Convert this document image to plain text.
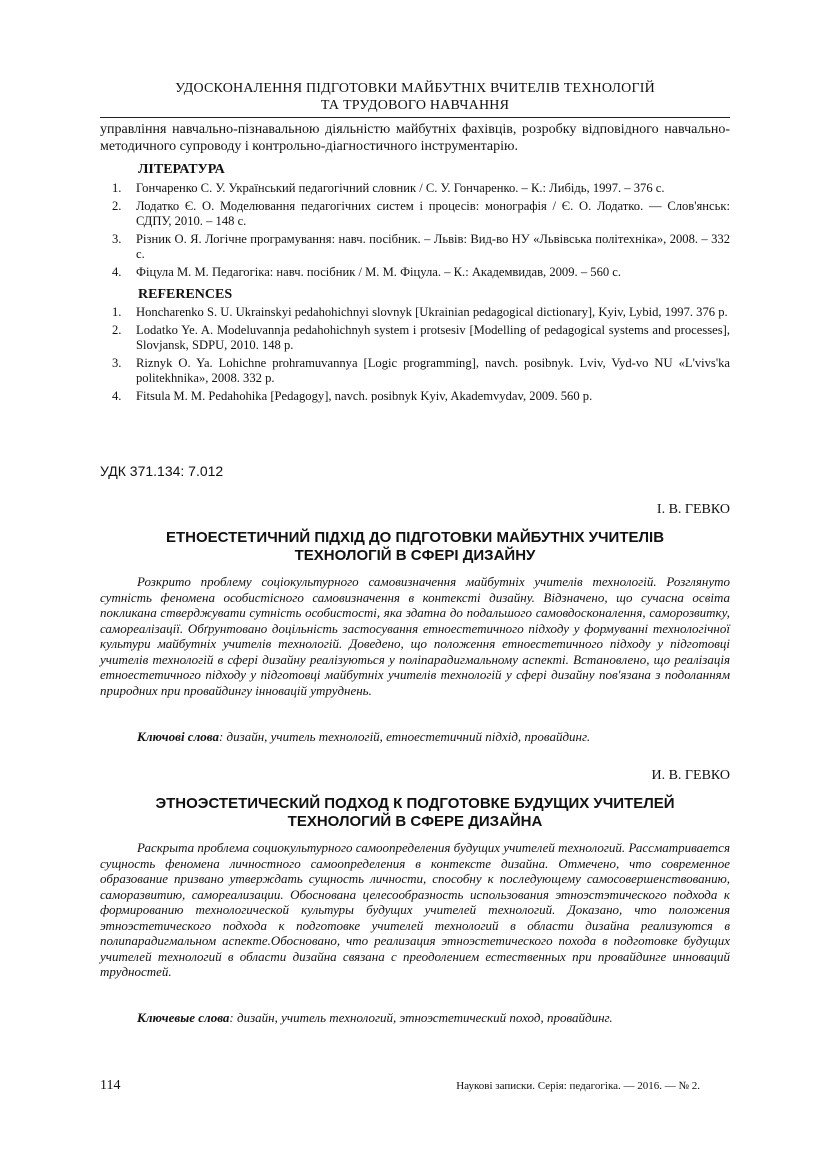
УДОСКОНАЛЕННЯ ПІДГОТОВКИ МАЙБУТНІХ ВЧИТЕЛІВ ТЕХНОЛОГІЙ
ТА ТРУДОВОГО НАВЧАННЯ
управління навчально-пізнавальною діяльністю майбутніх фахівців, розробку відповідного навчально-методичного супроводу і контрольно-діагностичного інструментарію.
ЛІТЕРАТУРА
1.	Гончаренко С. У. Український педагогічний словник / С. У. Гончаренко. – К.: Либідь, 1997. – 376 с.
2.	Лодатко Є. О. Моделювання педагогічних систем і процесів: монографія / Є. О. Лодатко. — Слов'янськ: СДПУ, 2010. – 148 с.
3.	Різник О. Я. Логічне програмування: навч. посібник. – Львів: Вид-во НУ «Львівська політехніка», 2008. – 332 с.
4.	Фіцула М. М. Педагогіка: навч. посібник / М. М. Фіцула. – К.: Академвидав, 2009. – 560 с.
REFERENCES
1.	Honcharenko S. U. Ukrainskyi pedahohichnyi slovnyk [Ukrainian pedagogical dictionary], Kyiv, Lybid, 1997. 376 p.
2.	Lodatko Ye. A. Modeluvannja pedahohichnyh system i protsesiv [Modelling of pedagogical systems and processes], Slovjansk, SDPU, 2010. 148 p.
3.	Riznyk O. Ya. Lohichne prohramuvannya [Logic programming], navch. posibnyk. Lviv, Vyd-vo NU «L'vivs'ka politekhnika», 2008. 332 p.
4.	Fitsula M. M. Pedahohika [Pedagogy], navch. posibnyk Kyiv, Akademvydav, 2009. 560 p.
УДК 371.134: 7.012
І. В. ГЕВКО
ЕТНОЕСТЕТИЧНИЙ ПІДХІД ДО ПІДГОТОВКИ МАЙБУТНІХ УЧИТЕЛІВ
ТЕХНОЛОГІЙ В СФЕРІ ДИЗАЙНУ
Розкрито проблему соціокультурного самовизначення майбутніх учителів технологій. Розглянуто сутність феномена особистісного самовизначення в контексті дизайну. Відзначено, що сучасна освіта покликана стверджувати сутність особистості, яка здатна до подальшого самовдосконалення, саморозвитку, самореалізації. Обґрунтовано доцільність застосування етноестетичного підходу у формуванні технологічної культури майбутніх учителів технологій. Доведено, що положення етноестетичного підходу у підготовці учителів технологій в сфері дизайну реалізуються у поліпарадигмальному аспекті. Встановлено, що реалізація етноестетичного підходу у підготовці майбутніх учителів технологій у сфері дизайну пов'язана з подоланням природних при провайдингу інновацій утруднень.
Ключові слова: дизайн, учитель технологій, етноестетичний підхід, провайдинг.
И. В. ГЕВКО
ЭТНОЭСТЕТИЧЕСКИЙ ПОДХОД К ПОДГОТОВКЕ БУДУЩИХ УЧИТЕЛЕЙ
ТЕХНОЛОГИЙ В СФЕРЕ ДИЗАЙНА
Раскрыта проблема социокультурного самоопределения будущих учителей технологий. Рассматривается сущность феномена личностного самоопределения в контексте дизайна. Отмечено, что современное образование призвано утверждать сущность личности, способну к последующему самосовершенствованию, саморазвитию, самореализации. Обоснована целесообразность использования этноэстэтического подхода к формированию технологической культуры будущих учителей технологий. Доказано, что положения этноэстетического подхода к подготовке учителей технологий в области дизайна реализуются в полипарадигмальном аспекте.Обосновано, что реализация этноэстетического похода в подготовке будущих учителей технологий в области дизайна связана с преодолением естественных при провайдинге инноваций трудностей.
Ключевые слова: дизайн, учитель технологий, этноэстетический поход, провайдинг.
114	Наукові записки. Серія: педагогіка. — 2016. — № 2.
